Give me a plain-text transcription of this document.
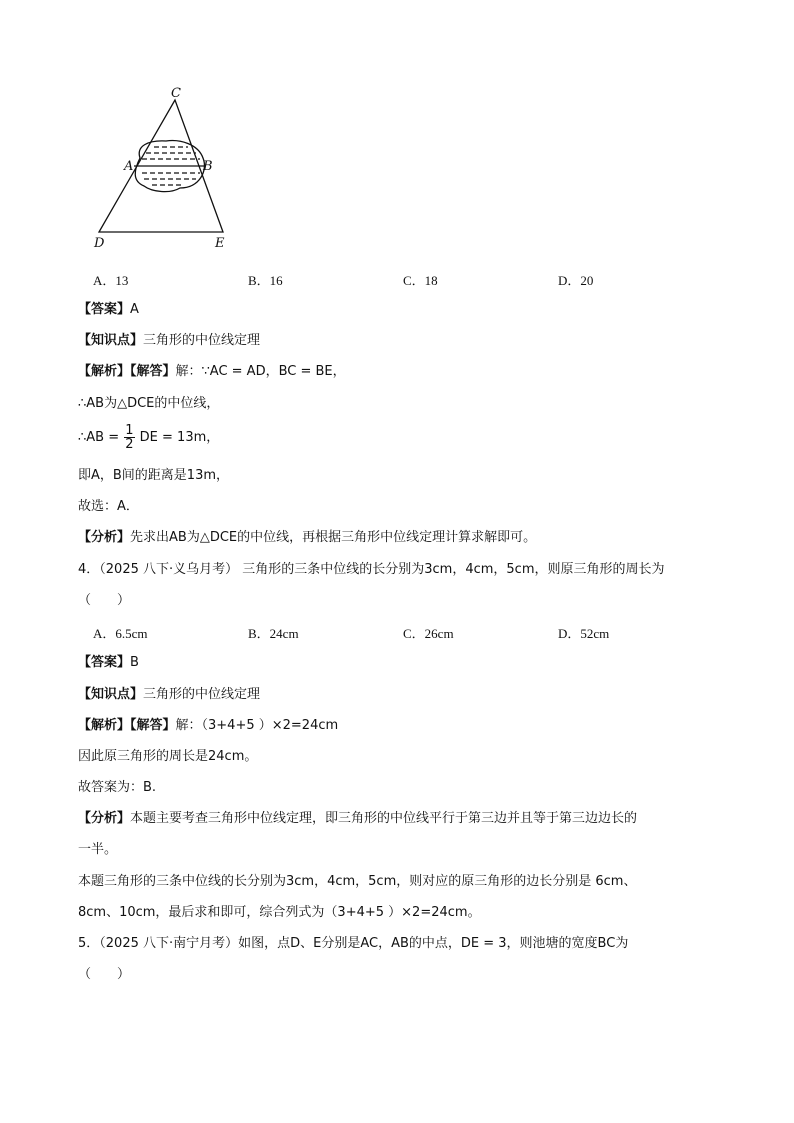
C
A	B
D	E
A．13	B．16	C．18	D．20
【答案】A
【知识点】三角形的中位线定理
【解析】【解答】解：∵AC = AD，BC = BE，
∴AB为△DCE的中位线，
∴AB = $\frac{1}{2}$ DE = 13m，
即A，B间的距离是13m，
故选：A．
【分析】先求出AB为△DCE的中位线，再根据三角形中位线定理计算求解即可。
4．（2025 八下·义乌月考） 三角形的三条中位线的长分别为3cm，4cm，5cm，则原三角形的周长为
（　　）
A．6.5cm	B．24cm	C．26cm	D．52cm
【答案】B
【知识点】三角形的中位线定理
【解析】【解答】解：（3+4+5 ）×2=24cm
因此原三角形的周长是24cm。
故答案为：B.
【分析】本题主要考查三角形中位线定理，即三角形的中位线平行于第三边并且等于第三边边长的
一半。
本题三角形的三条中位线的长分别为3cm，4cm，5cm，则对应的原三角形的边长分别是 6cm、
8cm、10cm，最后求和即可，综合列式为（3+4+5 ）×2=24cm。
5．（2025 八下·南宁月考）如图，点D、E分别是AC，AB的中点，DE = 3，则池塘的宽度BC为
（　　）
